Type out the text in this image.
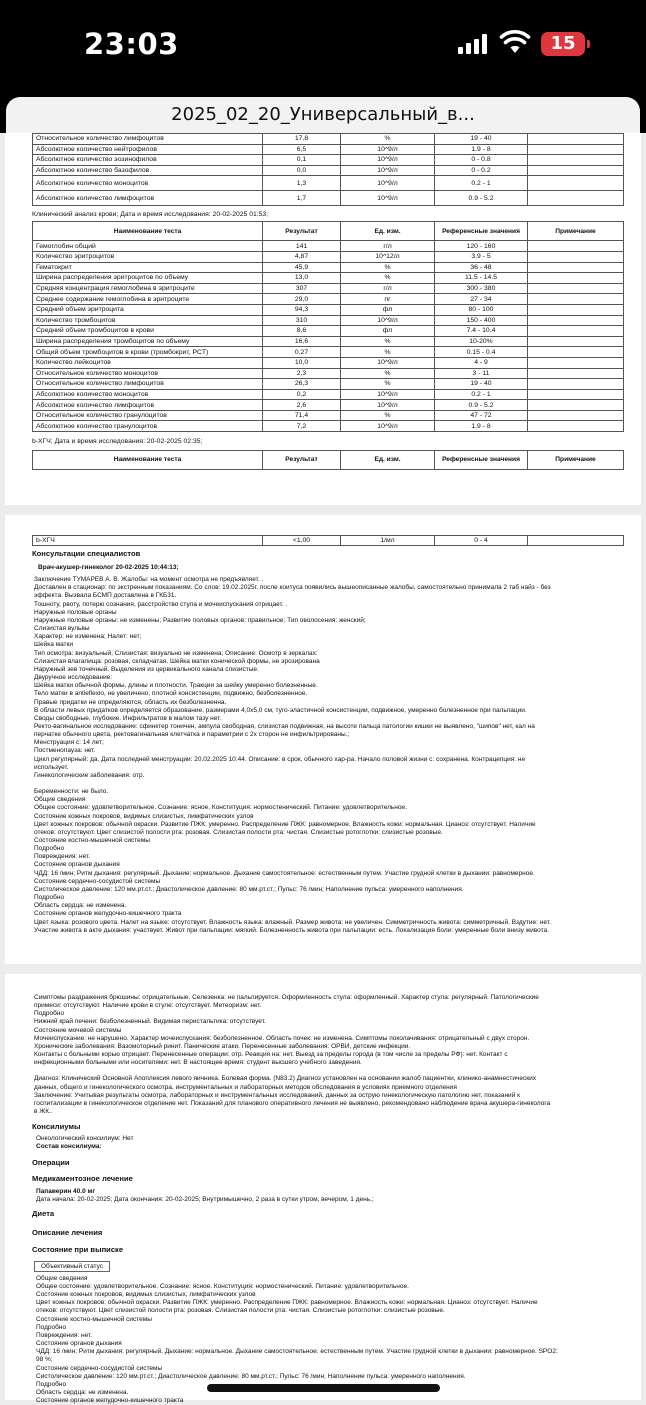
23:03	15
2025_02_20_Универсальный_в...
Относительное количество лимфоцитов	17,8	%	19 - 40	
Абсолютное количество нейтрофилов	6,5	10^9/л	1.9 - 8	
Абсолютное количество эозинофилов	0,1	10^9/л	0 - 0.8	
Абсолютное количество базофилов	0,0	10^9/л	0 - 0.2	
Абсолютное количество моноцитов	1,3	10^9/л	0.2 - 1	
Абсолютное количество лимфоцитов	1,7	10^9/л	0.9 - 5.2	
Клинический анализ крови; Дата и время исследования: 20-02-2025 01:53;
Наименование теста	Результат	Ед. изм.	Референсные значения	Примечание
Гемоглобин общий	141	г/л	120 - 160	
Количество эритроцитов	4,87	10^12/л	3.9 - 5	
Гематокрит	45,9	%	36 - 48	
Ширина распределения эритроцитов по объему	13,0	%	11.5 - 14.5	
Средняя концентрация гемоглобина в эритроците	307	г/л	300 - 380	
Среднее содержание гемоглобина в эритроците	29,0	пг	27 - 34	
Средний объем эритроцита	94,3	фл	80 - 100	
Количество тромбоцитов	310	10^9/л	150 - 400	
Средний объем тромбоцитов в крови	8,6	фл	7.4 - 10.4	
Ширина распределения тромбоцитов по объему	16,6	%	10-20%	
Общий объем тромбоцитов в крови (тромбокрит, PCT)	0,27	%	0.15 - 0.4	
Количество лейкоцитов	10,0	10^9/л	4 - 9	
Относительное количество моноцитов	2,3	%	3 - 11	
Относительное количество лимфоцитов	26,3	%	19 - 40	
Абсолютное количество моноцитов	0,2	10^9/л	0.2 - 1	
Абсолютное количество лимфоцитов	2,6	10^9/л	0.9 - 5.2	
Относительное количество гранулоцитов	71,4	%	47 - 72	
Абсолютное количество гранулоцитов	7,2	10^9/л	1.9 - 8	
b-ХГЧ; Дата и время исследования: 20-02-2025 02:35;
Наименование теста	Результат	Ед. изм.	Референсные значения	Примечание
b-ХГЧ	<1,00	1/мл	0 - 4	
Консультации специалистов
Врач-акушер-гинеколог 20-02-2025 10:44:13;
Заключение ТУМАРЕВ А. В. Жалобы: на момент осмотра не предъявляет. .
Доставлен в стационар: по экстренным показаниям. Со слов: 19.02.2025г. после коитуса появились вышеописанные жалобы, самостоятельно принимала 2 таб найз - без
эффекта. Вызвала БСМП доставлена в ГКБ31.
Тошноту, рвоту, потерю сознания, расстройство стула и мочеиспускания отрицает. .
Наружные половые органы
Наружные половые органы: не изменены; Развитие половых органов: правильное; Тип оволосения: женский;
Слизистая вульвы
Характер: не изменена; Налет: нет;
Шейка матки
Тип осмотра: визуальный; Слизистая: визуально не изменена; Описание: Осмотр в зеркалах:
Слизистая влагалища: розовая, складчатая. Шейка матки конической формы, не эрозирована
Наружный зев точечный. Выделения из цервикального канала слизистые.
Двуручное исследование:
Шейка матки обычной формы, длины и плотности. Тракции за шейку умеренно болезненные.
Тело матки в antieflexio, не увеличено, плотной консистенции, подвижно, безболезненное.
Правые придатки не определяются, область их безболезненна.
В области левых придатков определяется образование, размерами 4,0x5,0 см, туго-эластичной консистенции, подвижное, умеренно болезненное при пальпации.
Своды свободные, глубокие. Инфильтратов в малом тазу нет.
Ректо-вагинальное исследование: сфинктер тоничен, ампула свободная, слизистая подвижная, на высоте пальца патологии кишки не выявлено, "шипов" нет, кал на
перчатке обычного цвета, ректовагинальная клетчатка и параметрии с 2х сторон не инфильтрированы.;
Менструация с: 14 лет;
Постменопауза: нет.
Цикл регулярный: да. Дата последней менструации: 20.02.2025 10:44. Описание: в срок, обычного хар-ра. Начало половой жизни с: сохранена. Контрацепция: не
использует.
Гинекологические заболевания: отр.
Беременности: не было.
Общие сведения
Общее состояние: удовлетворительное. Сознание: ясное. Конституция: нормостенический. Питание: удовлетворительное.
Состояние кожных покровов, видимых слизистых, лимфатических узлов
Цвет кожных покровов: обычной окраски. Развитие ПЖК: умеренно. Распределение ПЖК: равномерное. Влажность кожи: нормальная. Цианоз: отсутствует. Наличие
отеков: отсутствуют. Цвет слизистой полости рта: розовая. Слизистая полости рта: чистая. Слизистые ротоглотки: слизистые розовые.
Состояние костно-мышечной системы
Подробно
Повреждения: нет.
Состояние органов дыхания
ЧДД: 16 /мин; Ритм дыхания: регулярный. Дыхание: нормальное. Дыхание самостоятельное: естественным путем. Участие грудной клетки в дыхании: равномерное.
Состояние сердечно-сосудистой системы
Систолическое давление: 120 мм.рт.ст.; Диастолическое давление: 80 мм.рт.ст.; Пульс: 76 /мин; Наполнение пульса: умеренного наполнения.
Подробно
Область сердца: не изменена.
Состояние органов желудочно-кишечного тракта
Цвет языка: розового цвета. Налет на языке: отсутствует. Влажность языка: влажный. Размер живота: не увеличен. Симметричность живота: симметричный. Вздутие: нет.
Участие живота в акте дыхания: участвует. Живот при пальпации: мягкий. Болезненность живота при пальпации: есть. Локализация боли: умеренные боли внизу живота.
Симптомы раздражения брюшины: отрицательные. Селезенка: не пальпируется. Оформленность стула: оформленный. Характер стула: регулярный. Патологические
примеси: отсутствуют. Наличие крови в стуле: отсутствует. Метеоризм: нет.
Подробно
Нижний край печени: безболезненный. Видимая перистальтика: отсутствует.
Состояние мочевой системы
Мочеиспускание: не нарушено. Характер мочеиспускания: безболезненное. Область почек: не изменена. Симптомы поколачивания: отрицательный с двух сторон.
Хронические заболевания: Вазомоторный ринит. Панические атаки. Перенесенные заболевания: ОРВИ, детские инфекции.
Контакты с больными корью отрицает. Перенесенные операции: отр. Реакция на: нет. Выезд за пределы города (в том числе за пределы РФ): нет. Контакт с
инфекционными больными или носителями: нет. В настоящее время: студент высшего учебного заведения.
Диагноз: Клинический Основной Апоплексия левого яичника. Болевая форма. (N83.2) Диагноз установлен на основании жалоб пациентки, клинико-анамнестических
данных, общего и гинекологического осмотра, инструментальных и лабораторных методов обследования в условиях приемного отделения
Заключение: Учитывая результаты осмотра, лабораторных и инструментальных исследований, данных за острую гинекологическую патологию нет, показаний к
госпитализации в гинекологическое отделение нет. Показаний для планового оперативного лечения не выявлено, рекомендовано наблюдение врача акушера-гинеколога
в ЖК..
Консилиумы
Онкологический консилиум: Нет
Состав консилиума:
Операции
Медикаментозное лечение
Папаверин 40.0 мг
Дата начала: 20-02-2025; Дата окончания: 20-02-2025; Внутримышечно, 2 раза в сутки утром, вечером, 1 день.;
Диета
Описание лечения
Состояние при выписке
Объективный статус
Общие сведения
Общее состояние: удовлетворительное. Сознание: ясное. Конституция: нормостенический. Питание: удовлетворительное.
Состояние кожных покровов, видимых слизистых, лимфатических узлов
Цвет кожных покровов: обычной окраски. Развитие ПЖК: умеренно. Распределение ПЖК: равномерное. Влажность кожи: нормальная. Цианоз: отсутствует. Наличие
отеков: отсутствуют. Цвет слизистой полости рта: розовая. Слизистая полости рта: чистая. Слизистые ротоглотки: слизистые розовые.
Состояние костно-мышечной системы
Подробно
Повреждения: нет.
Состояние органов дыхания
ЧДД: 16 /мин; Ритм дыхания: регулярный. Дыхание: нормальное. Дыхание самостоятельное: естественным путем. Участие грудной клетки в дыхании: равномерное. SPO2:
98 %;
Состояние сердечно-сосудистой системы
Систолическое давление: 120 мм.рт.ст.; Диастолическое давление: 80 мм.рт.ст.; Пульс: 76 /мин; Наполнение пульса: умеренного наполнения.
Подробно
Область сердца: не изменена.
Состояние органов желудочно-кишечного тракта
